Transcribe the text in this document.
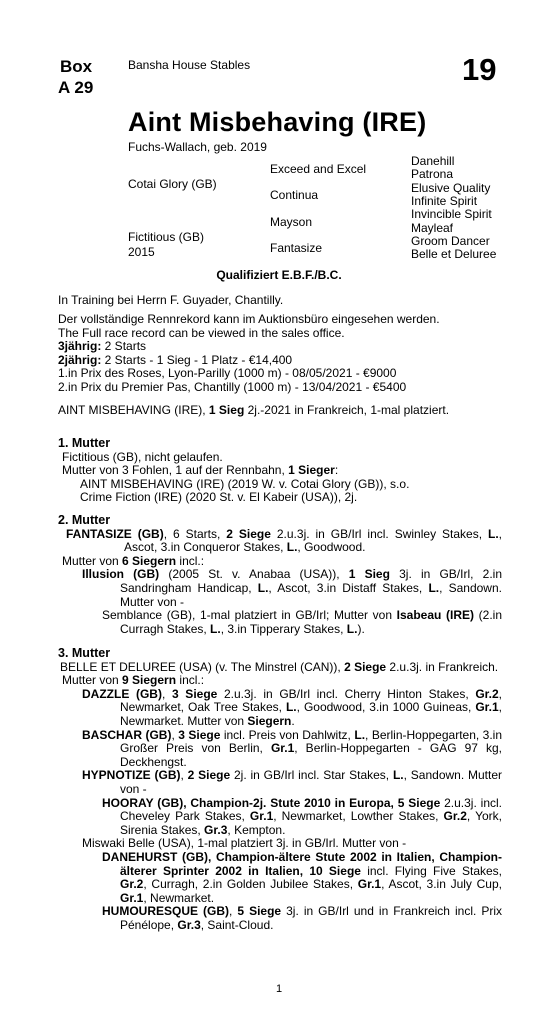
Box
A 29
Bansha House Stables	19
Aint Misbehaving (IRE)
Fuchs-Wallach, geb. 2019
Cotai Glory (GB)
Fictitious (GB)
2015
Exceed and Excel
Continua
Mayson
Fantasize
Danehill
Patrona
Elusive Quality
Infinite Spirit
Invincible Spirit
Mayleaf
Groom Dancer
Belle et Deluree
Qualifiziert E.B.F./B.C.

In Training bei Herrn F. Guyader, Chantilly.

Der vollständige Rennrekord kann im Auktionsbüro eingesehen werden.

The Full race record can be viewed in the sales office.

3jährig: 2 Starts

2jährig: 2 Starts - 1 Sieg - 1 Platz - €14,400

1.in Prix des Roses, Lyon-Parilly (1000 m) - 08/05/2021 - €9000

2.in Prix du Premier Pas, Chantilly (1000 m) - 13/04/2021 - €5400

AINT MISBEHAVING (IRE), 1 Sieg 2j.-2021 in Frankreich, 1-mal platziert.

1. Mutter

Fictitious (GB), nicht gelaufen.

Mutter von 3 Fohlen, 1 auf der Rennbahn, 1 Sieger:

AINT MISBEHAVING (IRE) (2019 W. v. Cotai Glory (GB)), s.o.

Crime Fiction (IRE) (2020 St. v. El Kabeir (USA)), 2j.

2. Mutter

FANTASIZE (GB), 6 Starts, 2 Siege 2.u.3j. in GB/Irl incl. Swinley Stakes, L., Ascot, 3.in Conqueror Stakes, L., Goodwood.

Mutter von 6 Siegern incl.:

Illusion (GB) (2005 St. v. Anabaa (USA)), 1 Sieg 3j. in GB/Irl, 2.in Sandringham Handicap, L., Ascot, 3.in Distaff Stakes, L., Sandown. Mutter von -

Semblance (GB), 1-mal platziert in GB/Irl; Mutter von Isabeau (IRE) (2.in Curragh Stakes, L., 3.in Tipperary Stakes, L.).

3. Mutter

BELLE ET DELUREE (USA) (v. The Minstrel (CAN)), 2 Siege 2.u.3j. in Frankreich.

Mutter von 9 Siegern incl.:

DAZZLE (GB), 3 Siege 2.u.3j. in GB/Irl incl. Cherry Hinton Stakes, Gr.2, Newmarket, Oak Tree Stakes, L., Goodwood, 3.in 1000 Guineas, Gr.1, Newmarket. Mutter von Siegern.

BASCHAR (GB), 3 Siege incl. Preis von Dahlwitz, L., Berlin-Hoppegarten, 3.in Großer Preis von Berlin, Gr.1, Berlin-Hoppegarten - GAG 97 kg, Deckhengst.

HYPNOTIZE (GB), 2 Siege 2j. in GB/Irl incl. Star Stakes, L., Sandown. Mutter von -

HOORAY (GB), Champion-2j. Stute 2010 in Europa, 5 Siege 2.u.3j. incl. Cheveley Park Stakes, Gr.1, Newmarket, Lowther Stakes, Gr.2, York, Sirenia Stakes, Gr.3, Kempton.

Miswaki Belle (USA), 1-mal platziert 3j. in GB/Irl. Mutter von -

DANEHURST (GB), Champion-ältere Stute 2002 in Italien, Champion-älterer Sprinter 2002 in Italien, 10 Siege incl. Flying Five Stakes, Gr.2, Curragh, 2.in Golden Jubilee Stakes, Gr.1, Ascot, 3.in July Cup, Gr.1, Newmarket.

HUMOURESQUE (GB), 5 Siege 3j. in GB/Irl und in Frankreich incl. Prix Pénélope, Gr.3, Saint-Cloud.

1
